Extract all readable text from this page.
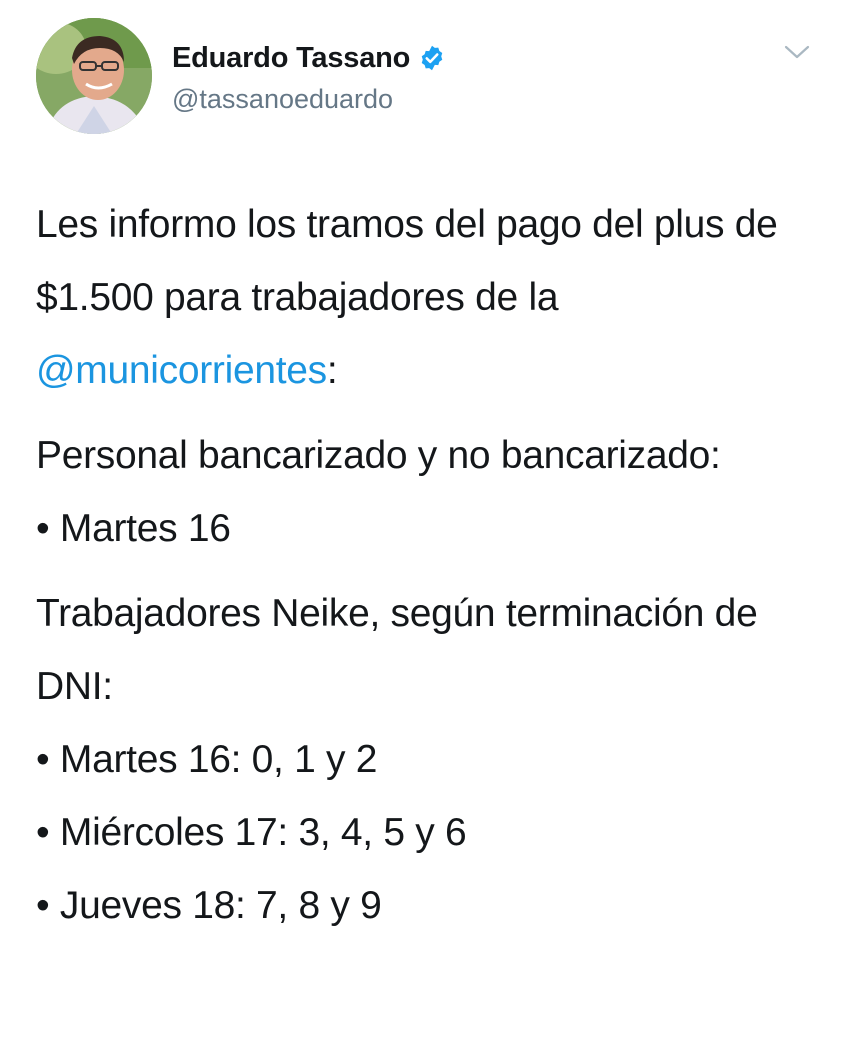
Eduardo Tassano
@tassanoeduardo

Les informo los tramos del pago del plus de $1.500 para trabajadores de la @municorrientes:

Personal bancarizado y no bancarizado:
• Martes 16

Trabajadores Neike, según terminación de DNI:
• Martes 16: 0, 1 y 2
• Miércoles 17: 3, 4, 5 y 6
• Jueves 18: 7, 8 y 9
